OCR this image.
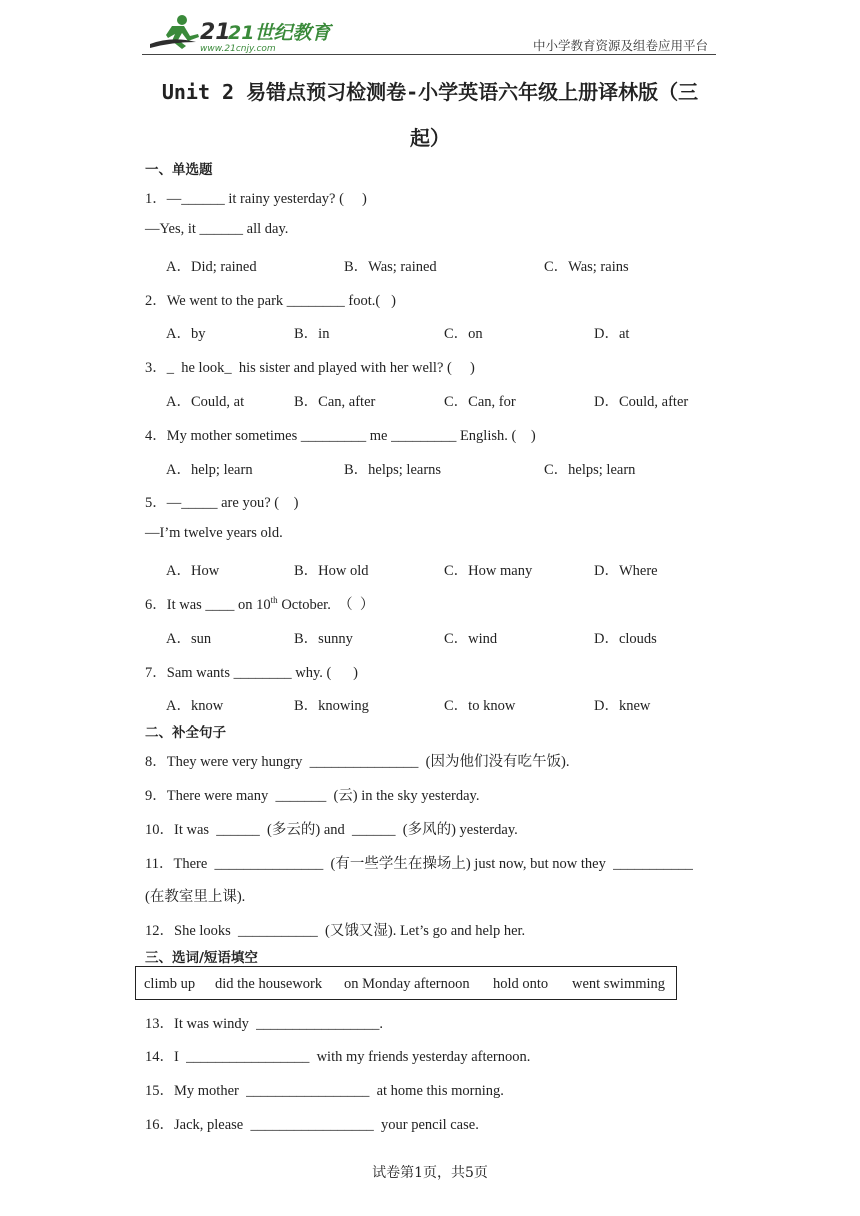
21
21世纪教育
www.21cnjy.com	中小学教育资源及组卷应用平台
Unit 2 易错点预习检测卷-小学英语六年级上册译林版（三
起）
一、单选题
1．—______ it rainy yesterday? (     )
—Yes, it ______ all day.
A．Did; rained	B．Was; rained	C．Was; rains
2．We went to the park ________ foot.(   )
A．by	B．in	C．on	D．at
3．_  he look_  his sister and played with her well? (     )
A．Could, at	B．Can, after	C．Can, for	D．Could, after
4．My mother sometimes _________ me _________ English. (    )
A．help; learn	B．helps; learns	C．helps; learn
5．—_____ are you? (    )
—I’m twelve years old.
A．How	B．How old	C．How many	D．Where
6．It was ____ on 10th October.  （  ）
A．sun	B．sunny	C．wind	D．clouds
7．Sam wants ________ why. (      )
A．know	B．knowing	C．to know	D．knew
二、补全句子
8．They were very hungry  _______________  (因为他们没有吃午饭).
9．There were many  _______  (云) in the sky yesterday.
10．It was  ______  (多云的) and  ______  (多风的) yesterday.
11．There  _______________  (有一些学生在操场上) just now, but now they  ___________
(在教室里上课).
12．She looks  ___________  (又饿又湿). Let’s go and help her.
三、选词/短语填空
climb up did the housework on Monday afternoon hold onto went swimming
13．It was windy  _________________.
14．I  _________________  with my friends yesterday afternoon.
15．My mother  _________________  at home this morning.
16．Jack, please  _________________  your pencil case.
试卷第1页，共5页
